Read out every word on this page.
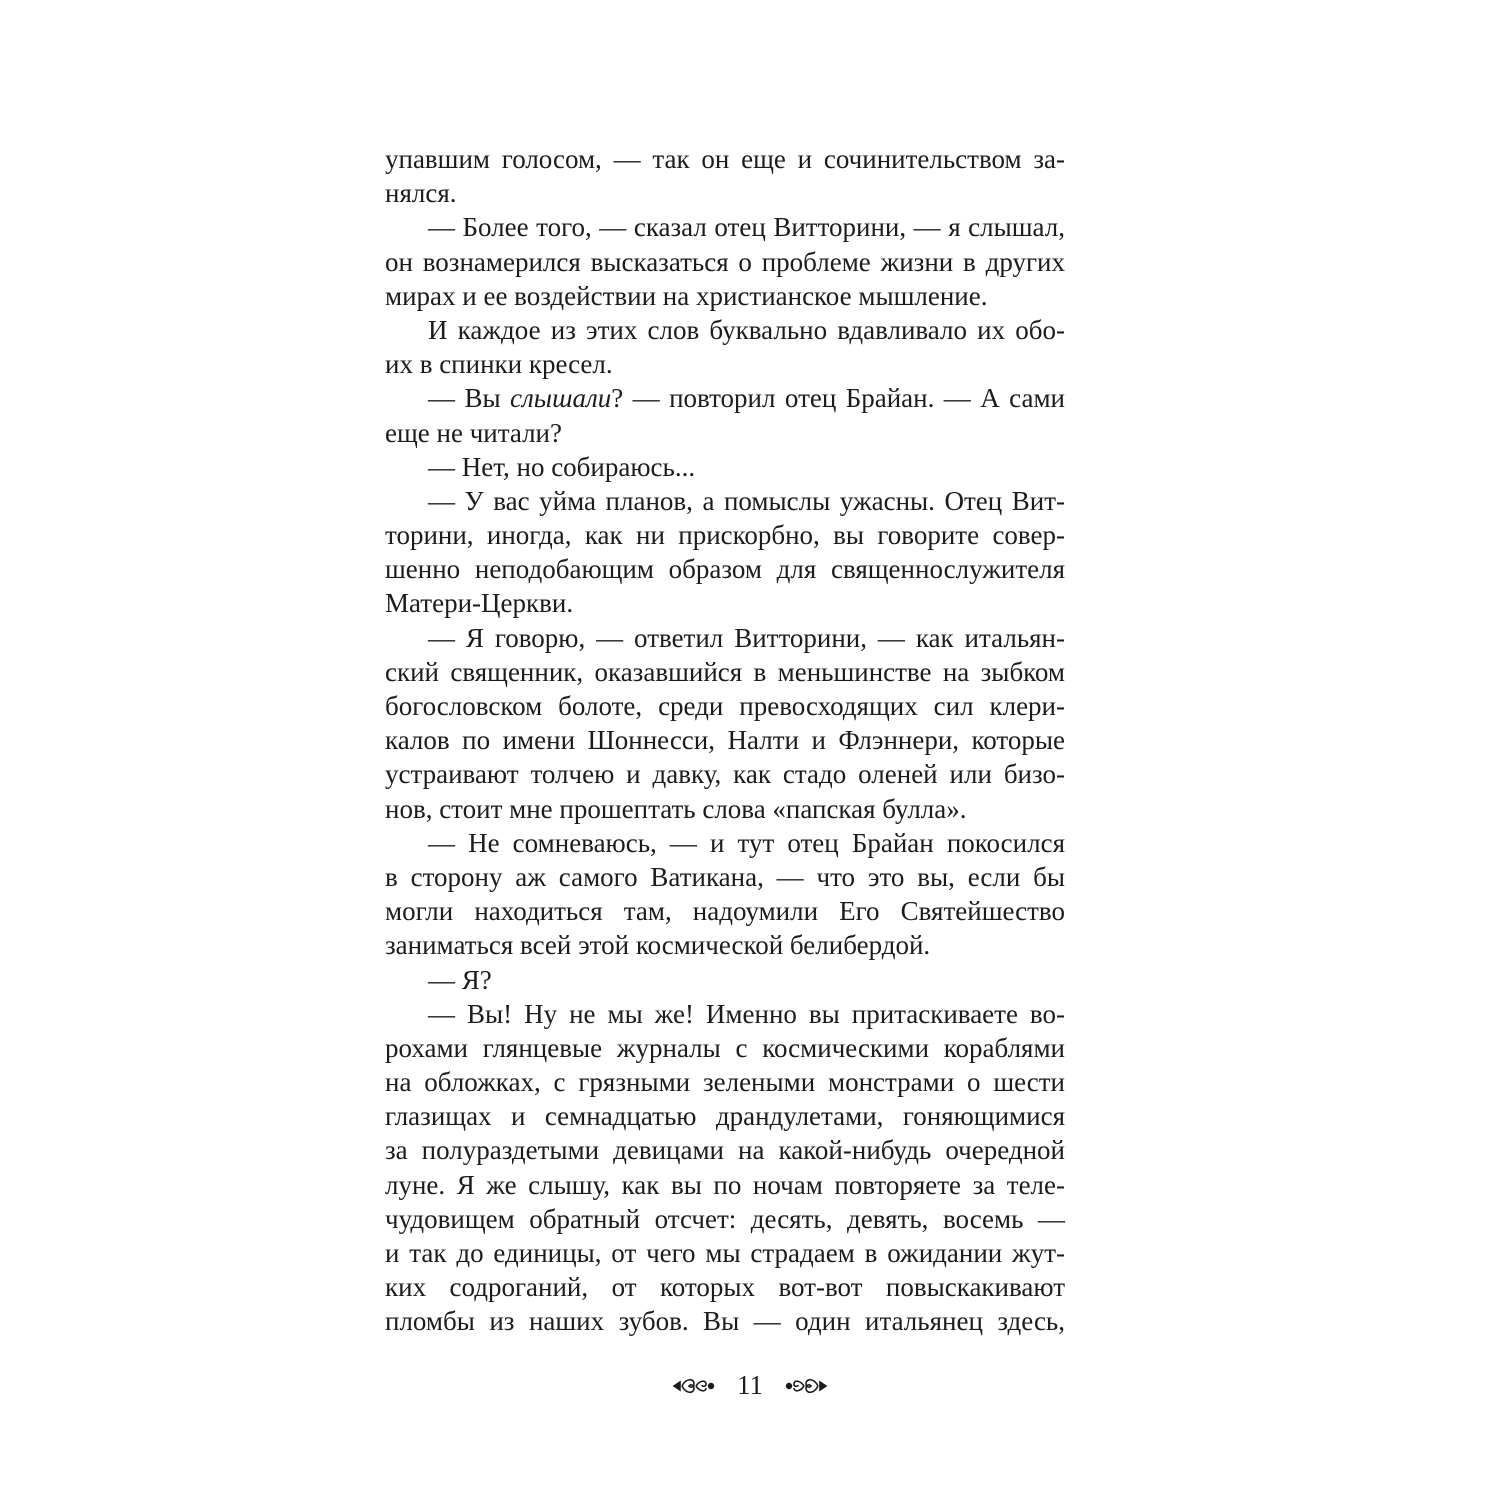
упавшим голосом, — так он еще и сочинительством за-
нялся.
— Более того, — сказал отец Витторини, — я слышал,
он вознамерился высказаться о проблеме жизни в других
мирах и ее воздействии на христианское мышление.
И каждое из этих слов буквально вдавливало их обо-
их в спинки кресел.
— Вы слышали? — повторил отец Брайан. — А сами
еще не читали?
— Нет, но собираюсь...
— У вас уйма планов, а помыслы ужасны. Отец Вит-
торини, иногда, как ни прискорбно, вы говорите совер-
шенно неподобающим образом для священнослужителя
Матери-Церкви.
— Я говорю, — ответил Витторини, — как итальян-
ский священник, оказавшийся в меньшинстве на зыбком
богословском болоте, среди превосходящих сил клери-
калов по имени Шоннесси, Налти и Флэннери, которые
устраивают толчею и давку, как стадо оленей или бизо-
нов, стоит мне прошептать слова «папская булла».
— Не сомневаюсь, — и тут отец Брайан покосился
в сторону аж самого Ватикана, — что это вы, если бы
могли находиться там, надоумили Его Святейшество
заниматься всей этой космической белибердой.
— Я?
— Вы! Ну не мы же! Именно вы притаскиваете во-
рохами глянцевые журналы с космическими кораблями
на обложках, с грязными зелеными монстрами о шести
глазищах и семнадцатью драндулетами, гоняющимися
за полураздетыми девицами на какой-нибудь очередной
луне. Я же слышу, как вы по ночам повторяете за теле-
чудовищем обратный отсчет: десять, девять, восемь —
и так до единицы, от чего мы страдаем в ожидании жут-
ких содроганий, от которых вот-вот повыскакивают
пломбы из наших зубов. Вы — один итальянец здесь,
11
